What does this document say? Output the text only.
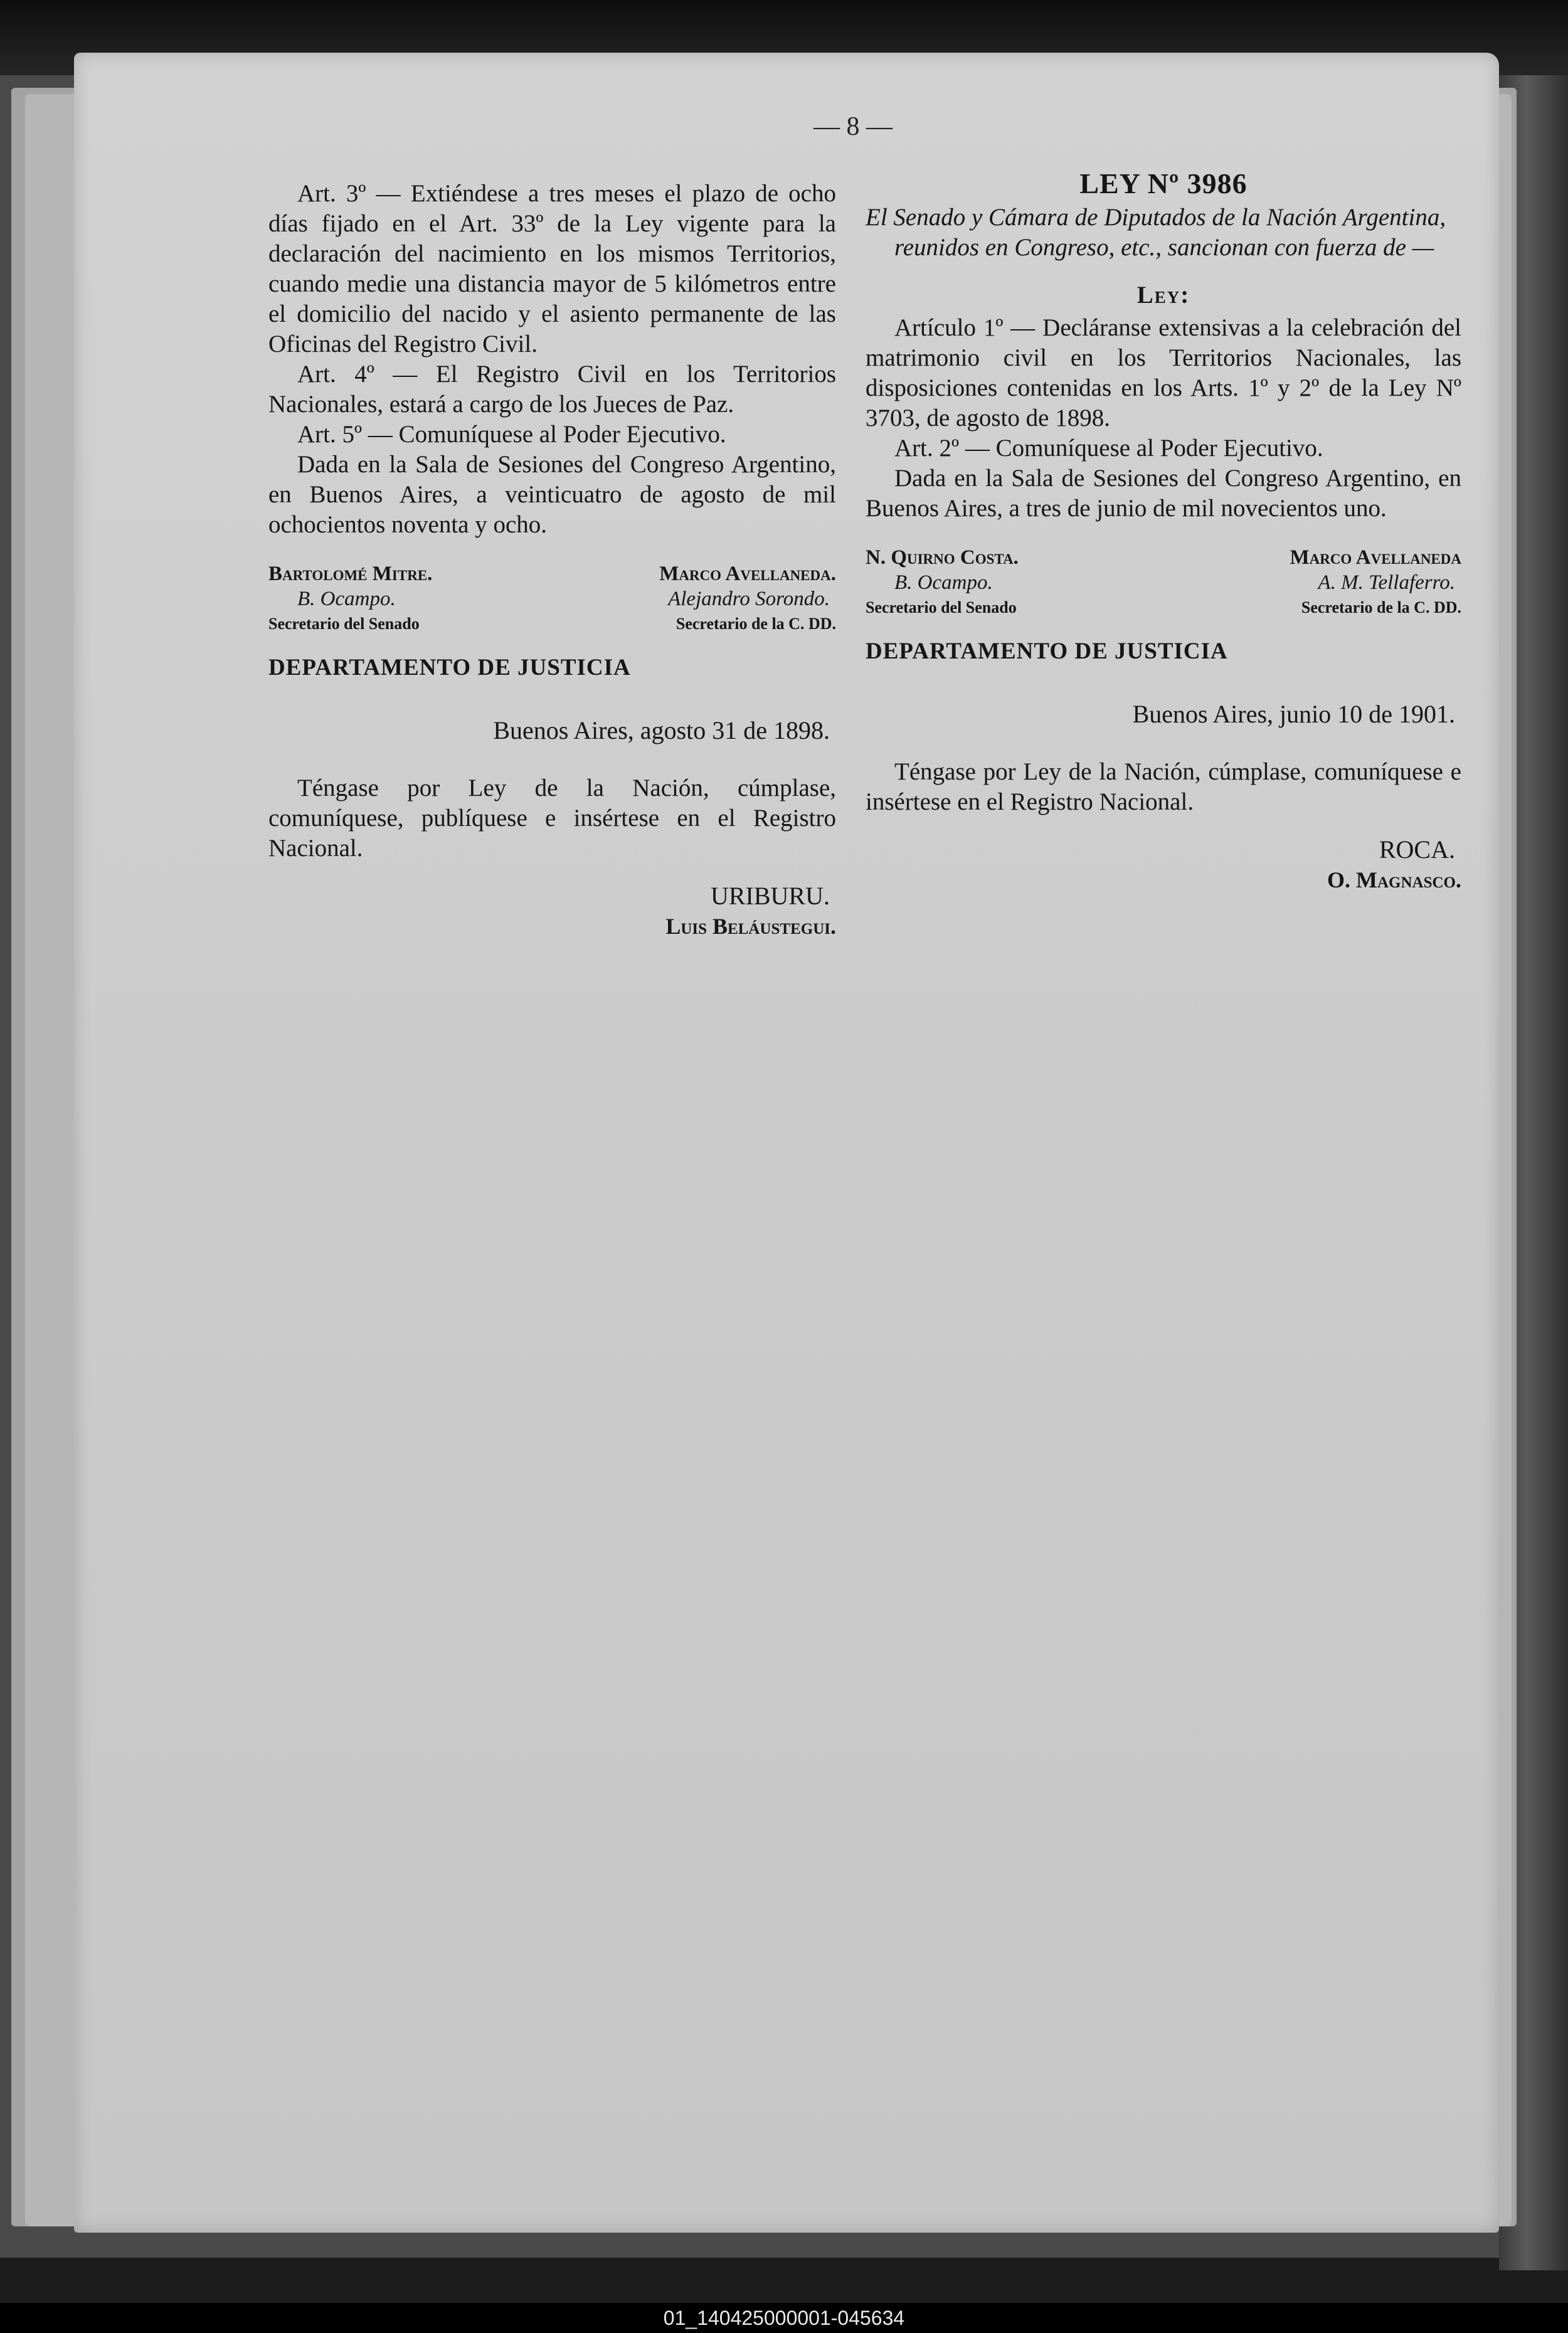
— 8 —

Art. 3º — Extiéndese a tres meses el plazo de ocho días fijado en el Art. 33º de la Ley vigente para la declaración del nacimiento en los mismos Territorios, cuando medie una distancia mayor de 5 kilómetros entre el domicilio del nacido y el asiento permanente de las Oficinas del Registro Civil.

Art. 4º — El Registro Civil en los Territorios Nacionales, estará a cargo de los Jueces de Paz.

Art. 5º — Comuníquese al Poder Ejecutivo.

Dada en la Sala de Sesiones del Congreso Argentino, en Buenos Aires, a veinticuatro de agosto de mil ochocientos noventa y ocho.

Bartolomé Mitre.
B. Ocampo.
Secretario del Senado
Marco Avellaneda.
Alejandro Sorondo.
Secretario de la C. DD.

DEPARTAMENTO DE JUSTICIA

Buenos Aires, agosto 31 de 1898.

Téngase por Ley de la Nación, cúmplase, comuníquese, publíquese e insértese en el Registro Nacional.

URIBURU.
Luis Beláustegui.

LEY Nº 3986

El Senado y Cámara de Diputados de la Nación Argentina, reunidos en Congreso, etc., sancionan con fuerza de —

Ley:

Artículo 1º — Decláranse extensivas a la celebración del matrimonio civil en los Territorios Nacionales, las disposiciones contenidas en los Arts. 1º y 2º de la Ley Nº 3703, de agosto de 1898.

Art. 2º — Comuníquese al Poder Ejecutivo.

Dada en la Sala de Sesiones del Congreso Argentino, en Buenos Aires, a tres de junio de mil novecientos uno.

N. Quirno Costa.
B. Ocampo.
Secretario del Senado
Marco Avellaneda
A. M. Tellaferro.
Secretario de la C. DD.

DEPARTAMENTO DE JUSTICIA

Buenos Aires, junio 10 de 1901.

Téngase por Ley de la Nación, cúmplase, comuníquese e insértese en el Registro Nacional.

ROCA.
O. Magnasco.
01_140425000001-045634
